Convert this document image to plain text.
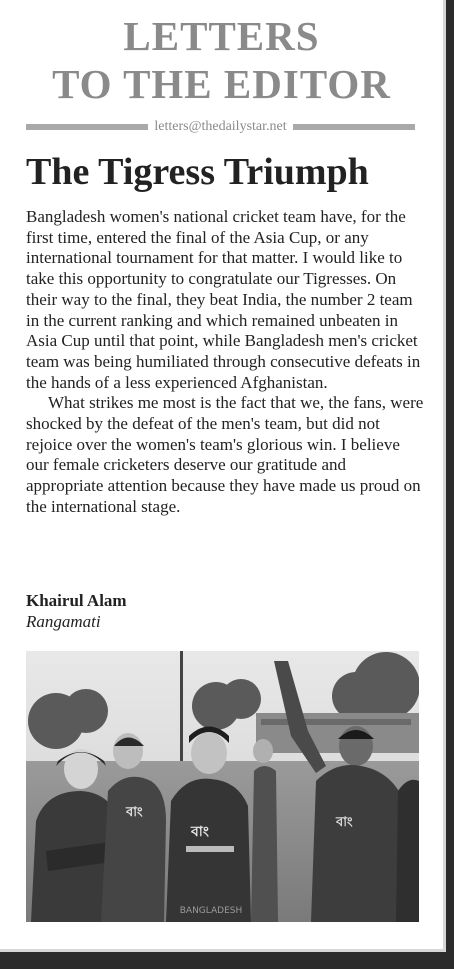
LETTERS
TO THE EDITOR
letters@thedailystar.net
The Tigress Triumph

Bangladesh women's national cricket team have, for the first time, entered the final of the Asia Cup, or any international tournament for that matter. I would like to take this opportunity to congratulate our Tigresses. On their way to the final, they beat India, the number 2 team in the current ranking and which remained unbeaten in Asia Cup until that point, while Bangladesh men's cricket team was being humiliated through consecutive defeats in the hands of a less experienced Afghanistan.

What strikes me most is the fact that we, the fans, were shocked by the defeat of the men's team, but did not rejoice over the women's team's glorious win. I believe our female cricketers deserve our gratitude and appropriate attention because they have made us proud on the international stage.

Khairul Alam
Rangamati
বাং
বাং
বাং
BANGLADESH
